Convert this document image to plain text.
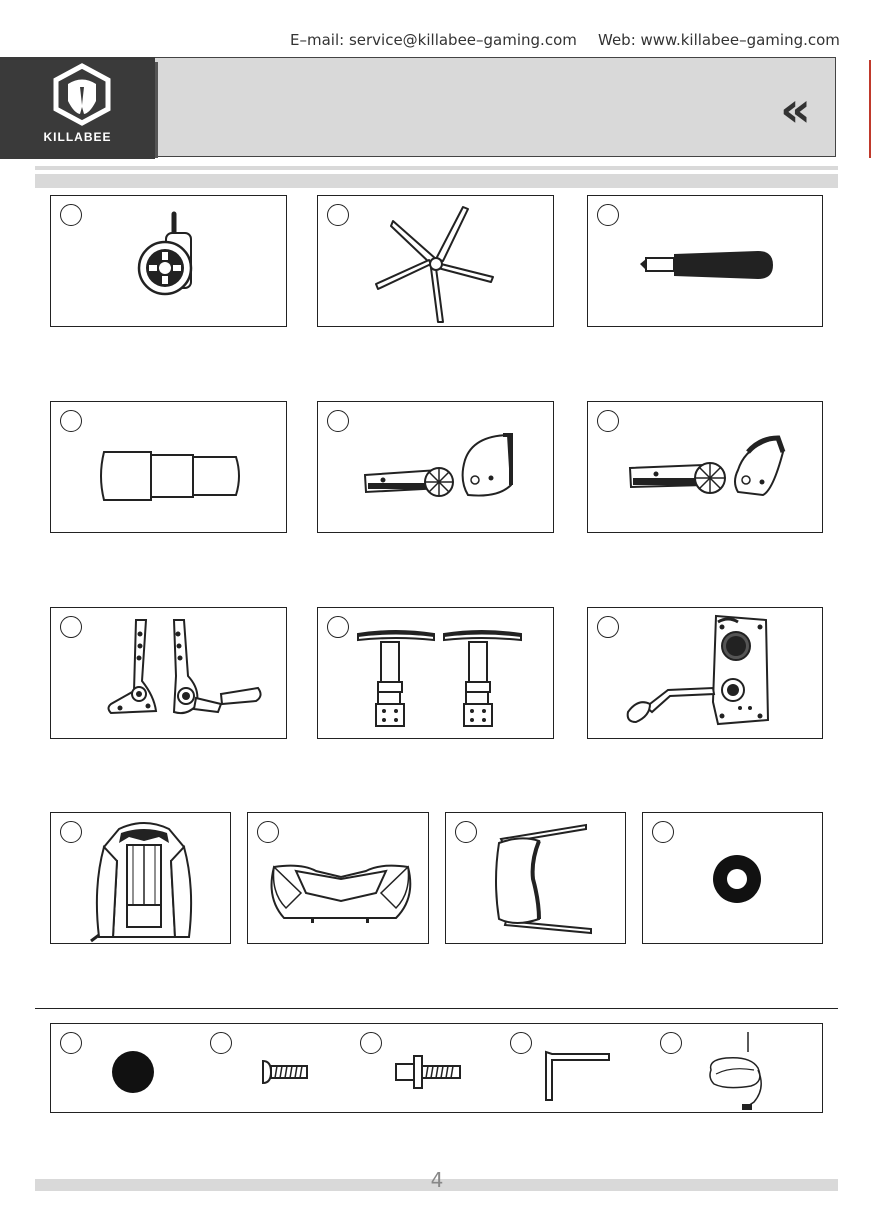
E–mail: service@killabee–gaming.com Web: www.killabee–gaming.com
KILLABEE	«
4
